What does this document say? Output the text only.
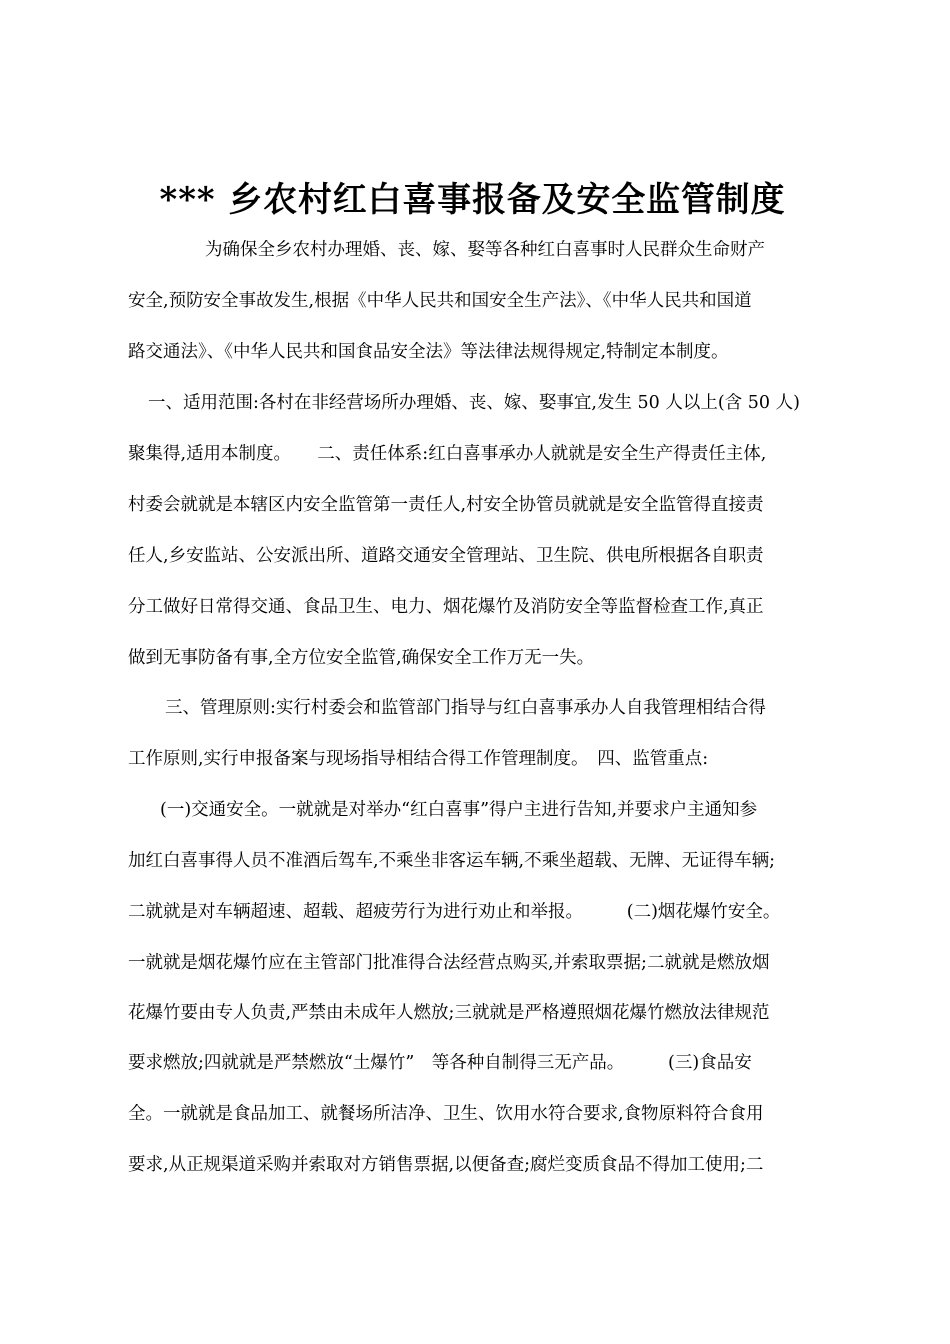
*** 乡农村红白喜事报备及安全监管制度
为确保全乡农村办理婚、丧、嫁、娶等各种红白喜事时人民群众生命财产
安全,预防安全事故发生,根据《中华人民共和国安全生产法》、《中华人民共和国道
路交通法》、《中华人民共和国食品安全法》等法律法规得规定,特制定本制度。
一、适用范围:各村在非经营场所办理婚、丧、嫁、娶事宜,发生 50 人以上(含 50 人)
聚集得,适用本制度。　　二、责任体系:红白喜事承办人就就是安全生产得责任主体,
村委会就就是本辖区内安全监管第一责任人,村安全协管员就就是安全监管得直接责
任人,乡安监站、公安派出所、道路交通安全管理站、卫生院、供电所根据各自职责
分工做好日常得交通、食品卫生、电力、烟花爆竹及消防安全等监督检查工作,真正
做到无事防备有事,全方位安全监管,确保安全工作万无一失。
三、管理原则:实行村委会和监管部门指导与红白喜事承办人自我管理相结合得
工作原则,实行申报备案与现场指导相结合得工作管理制度。　四、监管重点:
(一)交通安全。一就就是对举办“红白喜事”得户主进行告知,并要求户主通知参
加红白喜事得人员不准酒后驾车,不乘坐非客运车辆,不乘坐超载、无牌、无证得车辆;
二就就是对车辆超速、超载、超疲劳行为进行劝止和举报。　　　(二)烟花爆竹安全。
一就就是烟花爆竹应在主管部门批准得合法经营点购买,并索取票据;二就就是燃放烟
花爆竹要由专人负责,严禁由未成年人燃放;三就就是严格遵照烟花爆竹燃放法律规范
要求燃放;四就就是严禁燃放“土爆竹”　等各种自制得三无产品。　　　(三)食品安
全。一就就是食品加工、就餐场所洁净、卫生、饮用水符合要求,食物原料符合食用
要求,从正规渠道采购并索取对方销售票据,以便备查;腐烂变质食品不得加工使用;二
